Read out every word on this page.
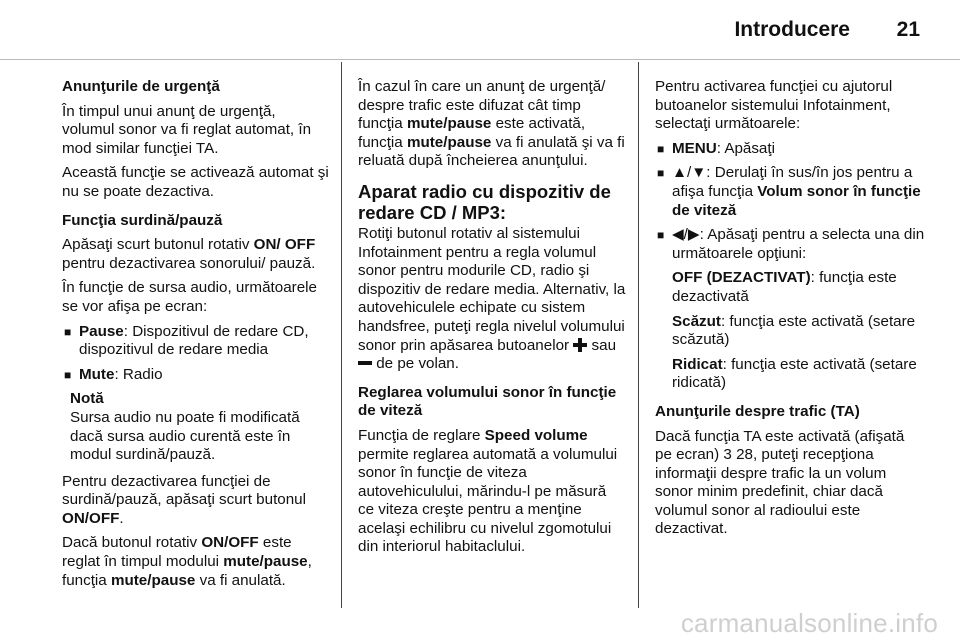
Introducere 21

Anunţurile de urgenţă

În timpul unui anunţ de urgenţă, volumul sonor va fi reglat automat, în mod similar funcţiei TA.

Această funcţie se activează automat şi nu se poate dezactiva.

Funcţia surdină/pauză

Apăsaţi scurt butonul rotativ ON/ OFF pentru dezactivarea sonorului/ pauză.

În funcţie de sursa audio, următoarele se vor afişa pe ecran:

■ Pause: Dispozitivul de redare CD, dispozitivul de redare media
■ Mute: Radio
Notă
Sursa audio nu poate fi modificată dacă sursa audio curentă este în modul surdină/pauză.

Pentru dezactivarea funcţiei de surdină/pauză, apăsaţi scurt butonul ON/OFF.

Dacă butonul rotativ ON/OFF este reglat în timpul modului mute/pause, funcţia mute/pause va fi anulată.

În cazul în care un anunţ de urgenţă/ despre trafic este difuzat cât timp funcţia mute/pause este activată, funcţia mute/pause va fi anulată şi va fi reluată după încheierea anunţului.

Aparat radio cu dispozitiv de redare CD / MP3:

Rotiţi butonul rotativ al sistemului Infotainment pentru a regla volumul sonor pentru modurile CD, radio şi dispozitiv de redare media. Alternativ, la autovehiculele echipate cu sistem handsfree, puteţi regla nivelul volumului sonor prin apăsarea butoanelor  sau  de pe volan.

Reglarea volumului sonor în funcţie de viteză

Funcţia de reglare Speed volume permite reglarea automată a volumului sonor în funcţie de viteza autovehiculului, mărindu-l pe măsură ce viteza creşte pentru a menţine acelaşi echilibru cu nivelul zgomotului din interiorul habitaclului.

Pentru activarea funcţiei cu ajutorul butoanelor sistemului Infotainment, selectaţi următoarele:

■ MENU: Apăsaţi
■ ▲/▼: Derulaţi în sus/în jos pentru a afişa funcţia Volum sonor în funcţie de viteză
■ ◀/▶: Apăsaţi pentru a selecta una din următoarele opţiuni:

OFF (DEZACTIVAT): funcţia este dezactivată

Scăzut: funcţia este activată (setare scăzută)

Ridicat: funcţia este activată (setare ridicată)

Anunţurile despre trafic (TA)

Dacă funcţia TA este activată (afişată pe ecran) 3 28, puteţi recepţiona informaţii despre trafic la un volum sonor minim predefinit, chiar dacă volumul sonor al radioului este dezactivat.

carmanualsonline.info
